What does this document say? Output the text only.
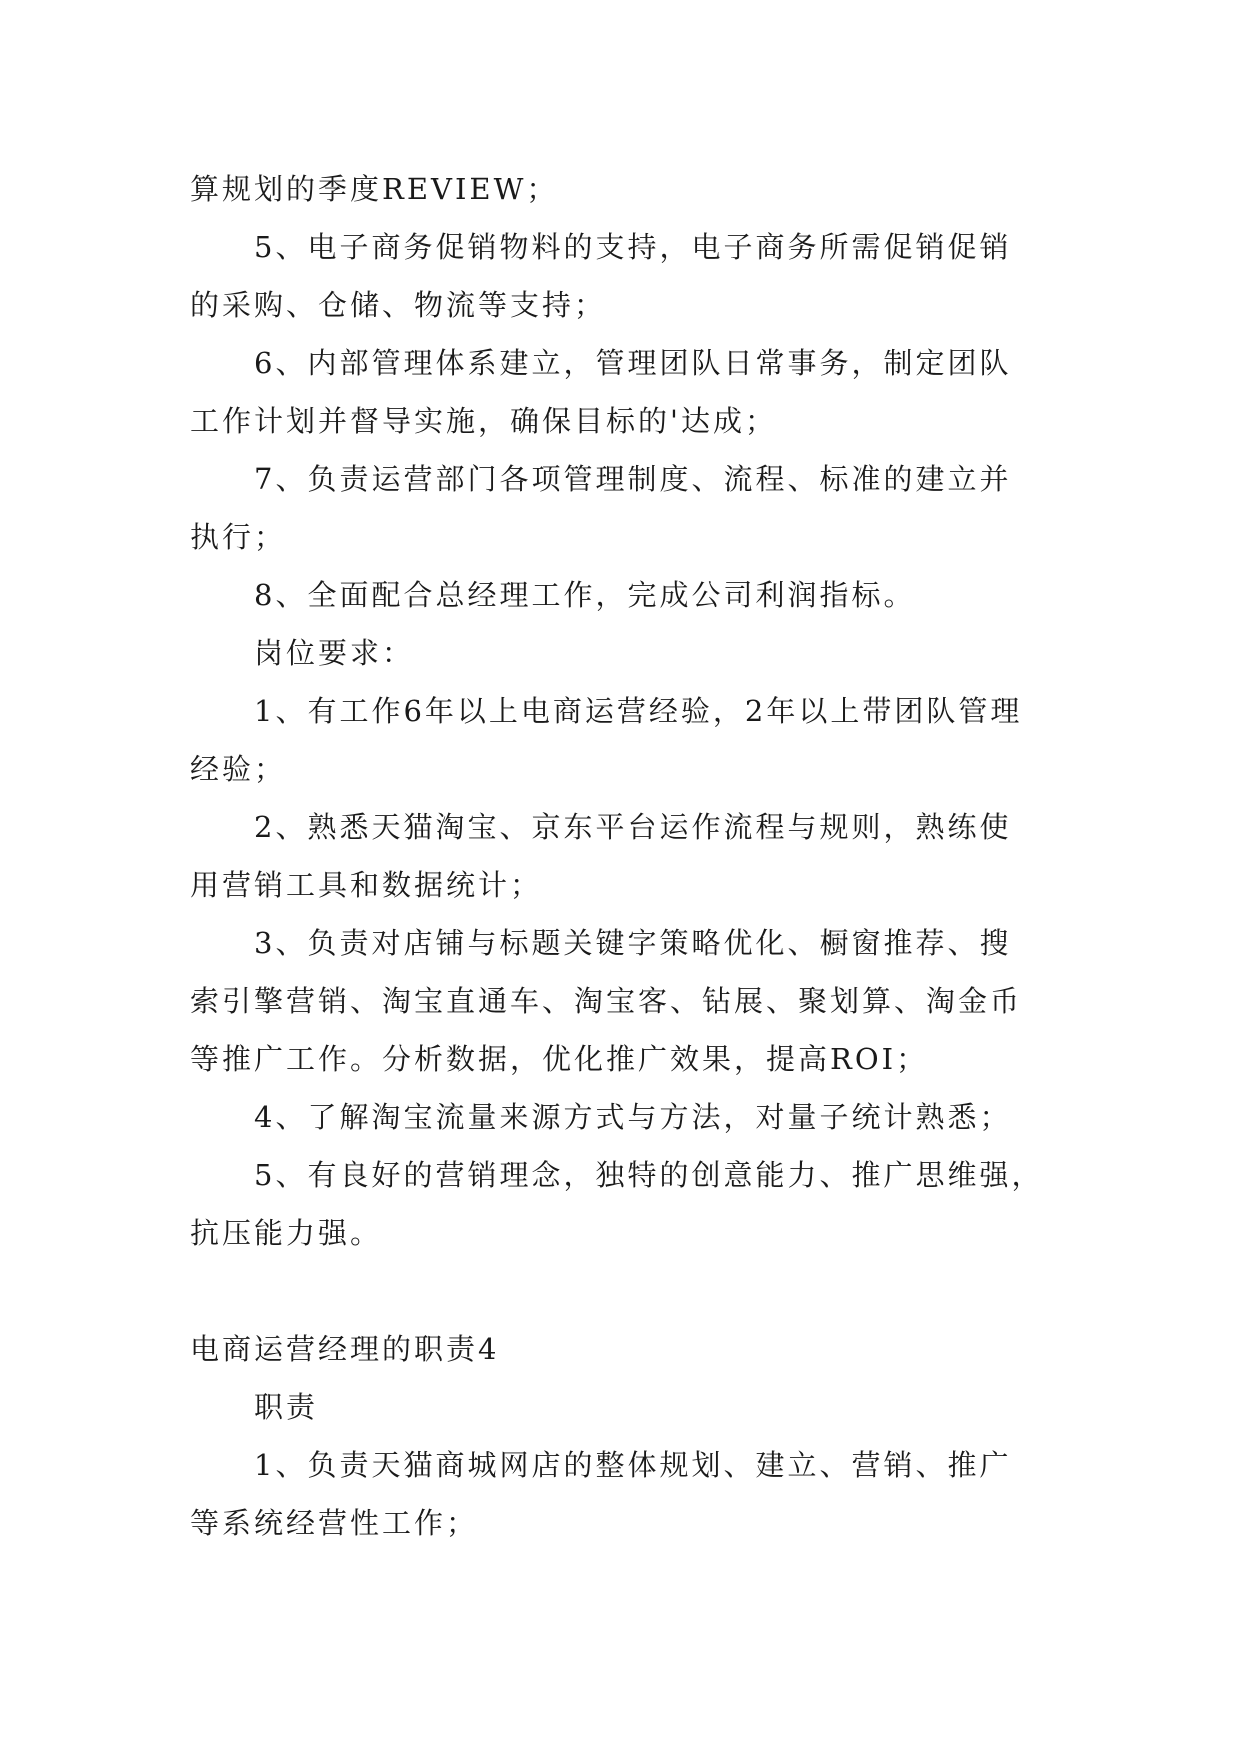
算规划的季度REVIEW；
5、电子商务促销物料的支持，电子商务所需促销促销
的采购、仓储、物流等支持；
6、内部管理体系建立，管理团队日常事务，制定团队
工作计划并督导实施，确保目标的'达成；
7、负责运营部门各项管理制度、流程、标准的建立并
执行；
8、全面配合总经理工作，完成公司利润指标。
岗位要求：
1、有工作6年以上电商运营经验，2年以上带团队管理
经验；
2、熟悉天猫淘宝、京东平台运作流程与规则，熟练使
用营销工具和数据统计；
3、负责对店铺与标题关键字策略优化、橱窗推荐、搜
索引擎营销、淘宝直通车、淘宝客、钻展、聚划算、淘金币
等推广工作。分析数据，优化推广效果，提高ROI；
4、了解淘宝流量来源方式与方法，对量子统计熟悉；
5、有良好的营销理念，独特的创意能力、推广思维强，
抗压能力强。
电商运营经理的职责4
职责
1、负责天猫商城网店的整体规划、建立、营销、推广
等系统经营性工作；
